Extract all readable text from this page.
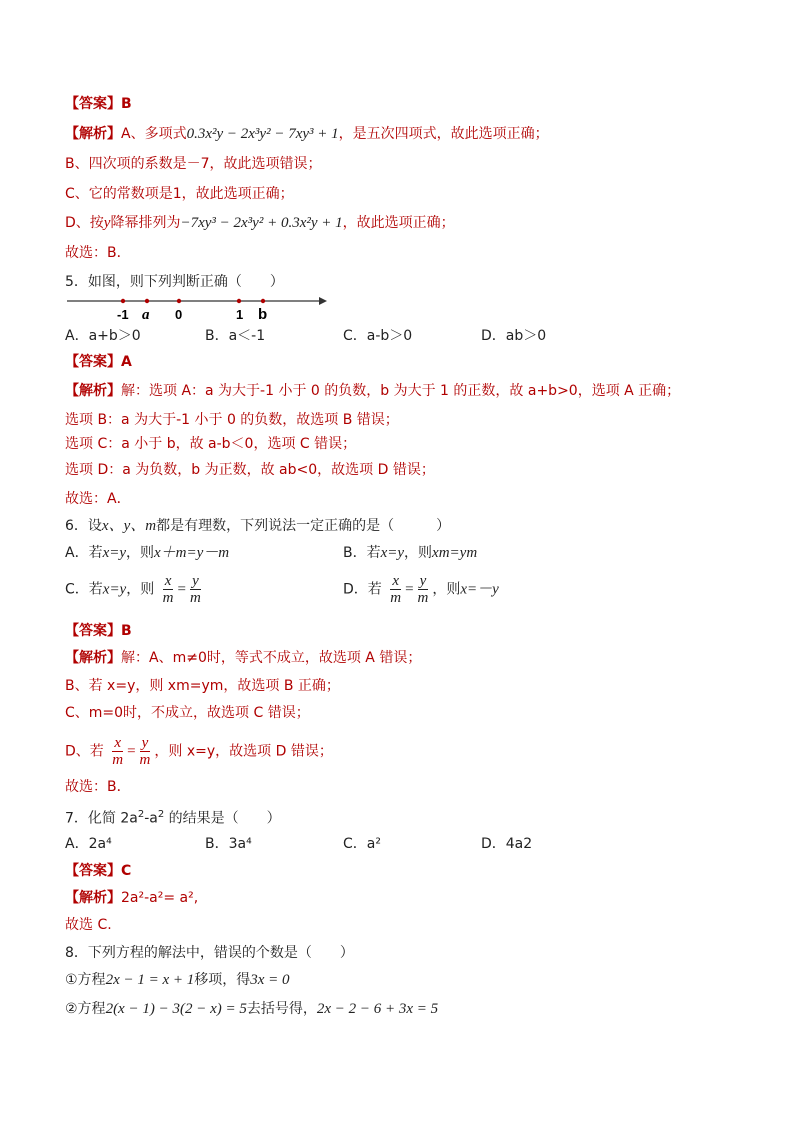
【答案】B
【解析】A、多项式0.3x²y − 2x³y² − 7xy³ + 1，是五次四项式，故此选项正确；
B、四次项的系数是－7，故此选项错误；
C、它的常数项是1，故此选项正确；
D、按y降幂排列为−7xy³ − 2x³y² + 0.3x²y + 1，故此选项正确；
故选：B．
5．如图，则下列判断正确（　　）
-1 a 0	1 b
A．a+b＞0	B．a＜-1	C．a-b＞0	D．ab＞0
【答案】A
【解析】解：选项 A：a 为大于-1 小于 0 的负数，b 为大于 1 的正数，故 a+b>0，选项 A 正确；
选项 B：a 为大于-1 小于 0 的负数，故选项 B 错误；
选项 C：a 小于 b，故 a-b＜0，选项 C 错误；
选项 D：a 为负数，b 为正数，故 ab<0，故选项 D 错误；
故选：A．
6．设x、y、m都是有理数，下列说法一定正确的是（　　　）
A．若x=y，则x＋m=y－m	B．若x=y，则xm=ym
C．若x=y，则 $\frac{x}{m} = \frac{y}{m}$	D．若 $\frac{x}{m} = \frac{y}{m}$ ，则x=－y
【答案】B
【解析】解：A、m≠0时，等式不成立，故选项 A 错误；
B、若 x=y，则 xm=ym，故选项 B 正确；
C、m=0时，不成立，故选项 C 错误；
D、若 $\frac{x}{m} = \frac{y}{m}$ ，则 x=y，故选项 D 错误；
故选：B．
7．化简 $2a^2-a^2$ 的结果是（　　）
A．2a⁴	B．3a⁴	C．a²	D．4a2
【答案】C
【解析】2a²-a²= a²,
故选 C.
8．下列方程的解法中，错误的个数是（　　）
①方程2x − 1 = x + 1移项，得3x = 0
②方程2(x − 1) − 3(2 − x) = 5去括号得，2x − 2 − 6 + 3x = 5
